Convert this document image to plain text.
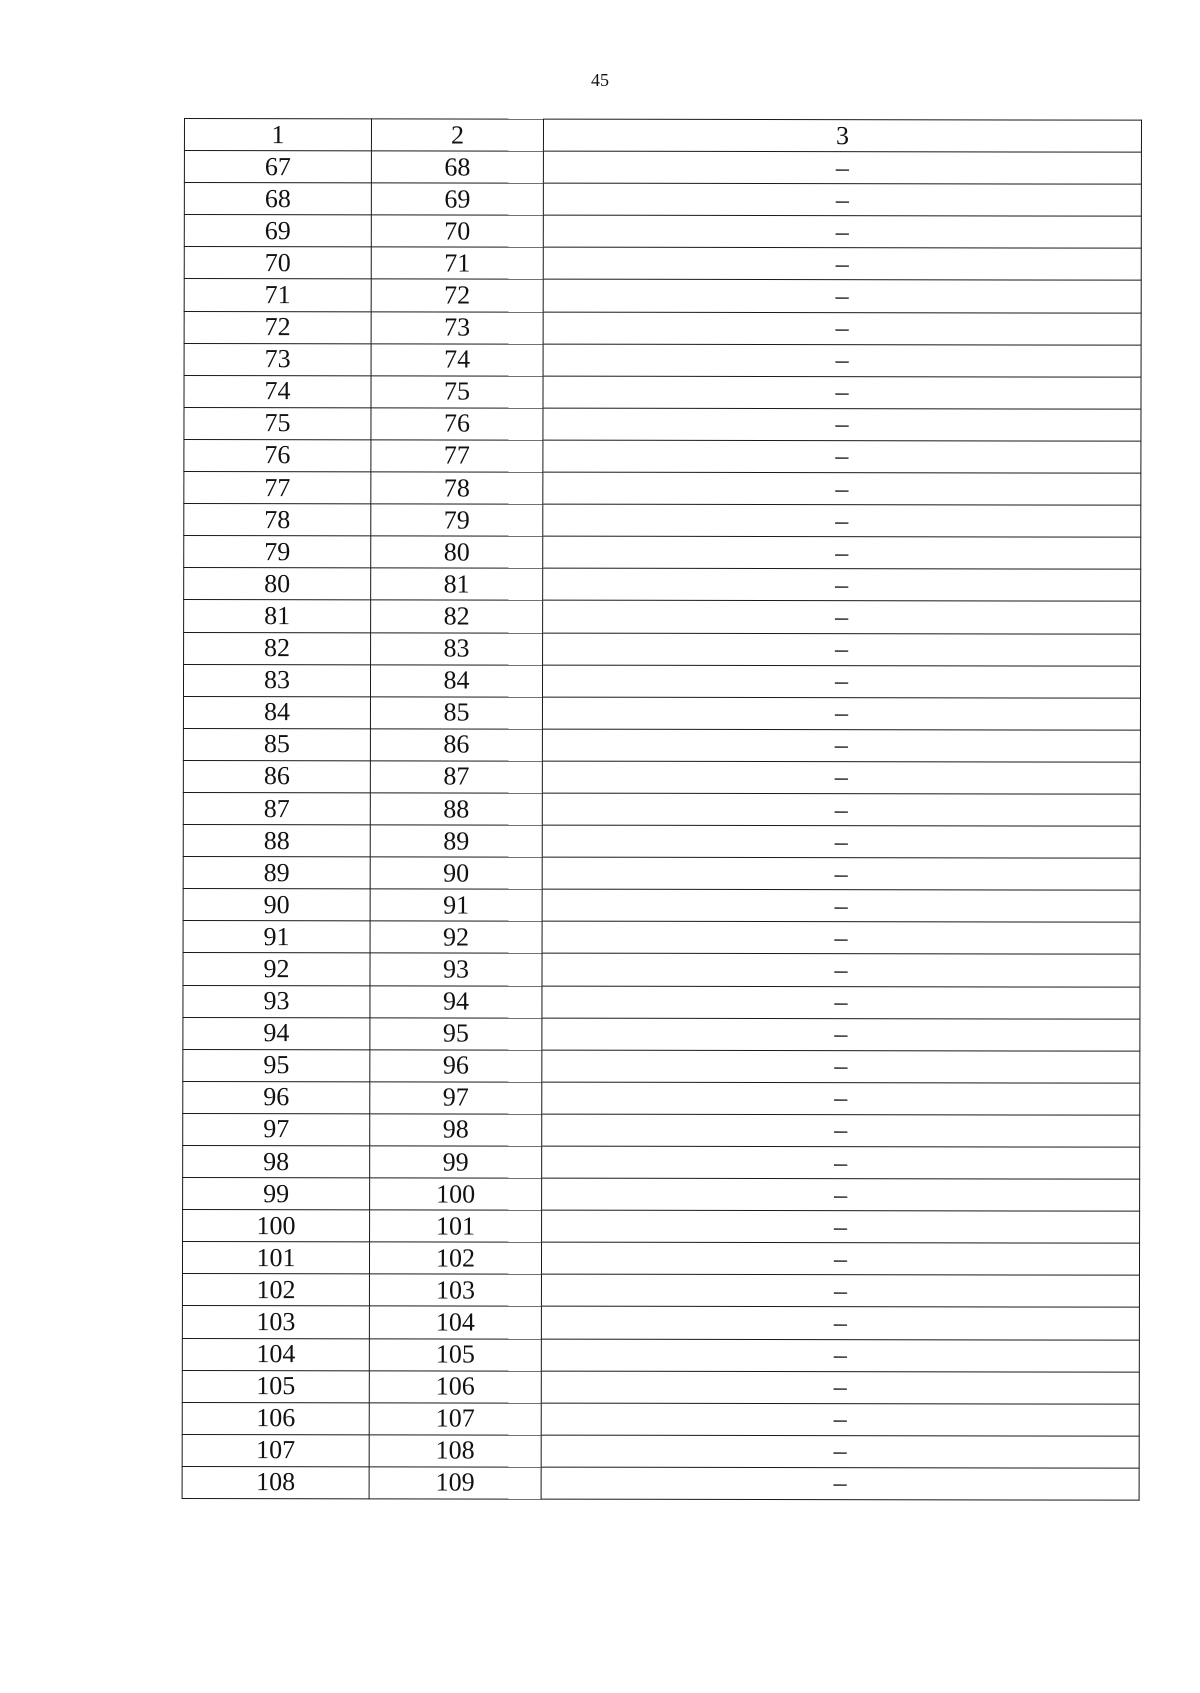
45
1	2	3
67	68	–
68	69	–
69	70	–
70	71	–
71	72	–
72	73	–
73	74	–
74	75	–
75	76	–
76	77	–
77	78	–
78	79	–
79	80	–
80	81	–
81	82	–
82	83	–
83	84	–
84	85	–
85	86	–
86	87	–
87	88	–
88	89	–
89	90	–
90	91	–
91	92	–
92	93	–
93	94	–
94	95	–
95	96	–
96	97	–
97	98	–
98	99	–
99	100	–
100	101	–
101	102	–
102	103	–
103	104	–
104	105	–
105	106	–
106	107	–
107	108	–
108	109	–
